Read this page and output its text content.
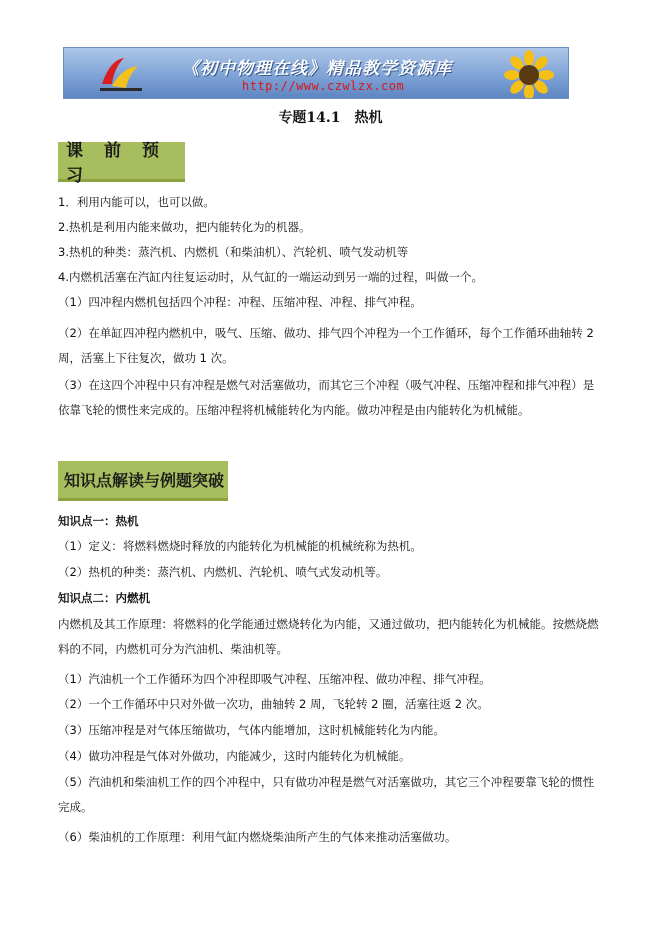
《初中物理在线》精品教学资源库
http://www.czwlzx.com
专题14.1　热机
课　前　预　习
1．利用内能可以，也可以做。
2.热机是利用内能来做功，把内能转化为的机器。
3.热机的种类：蒸汽机、内燃机（和柴油机）、汽轮机、喷气发动机等
4.内燃机活塞在汽缸内往复运动时，从气缸的一端运动到另一端的过程，叫做一个。
（1）四冲程内燃机包括四个冲程：冲程、压缩冲程、冲程、排气冲程。
（2）在单缸四冲程内燃机中，吸气、压缩、做功、排气四个冲程为一个工作循环，每个工作循环曲轴转 2 周，活塞上下往复次，做功 1 次。
（3）在这四个冲程中只有冲程是燃气对活塞做功，而其它三个冲程（吸气冲程、压缩冲程和排气冲程）是依靠飞轮的惯性来完成的。压缩冲程将机械能转化为内能。做功冲程是由内能转化为机械能。
知识点解读与例题突破
知识点一：热机
（1）定义：将燃料燃烧时释放的内能转化为机械能的机械统称为热机。
（2）热机的种类：蒸汽机、内燃机、汽轮机、喷气式发动机等。
知识点二：内燃机
内燃机及其工作原理：将燃料的化学能通过燃烧转化为内能，又通过做功，把内能转化为机械能。按燃烧燃料的不同，内燃机可分为汽油机、柴油机等。
（1）汽油机一个工作循环为四个冲程即吸气冲程、压缩冲程、做功冲程、排气冲程。
（2）一个工作循环中只对外做一次功，曲轴转 2 周，飞轮转 2 圈，活塞往返 2 次。
（3）压缩冲程是对气体压缩做功，气体内能增加，这时机械能转化为内能。
（4）做功冲程是气体对外做功，内能减少，这时内能转化为机械能。
（5）汽油机和柴油机工作的四个冲程中，只有做功冲程是燃气对活塞做功，其它三个冲程要靠飞轮的惯性完成。
（6）柴油机的工作原理：利用气缸内燃烧柴油所产生的气体来推动活塞做功。
